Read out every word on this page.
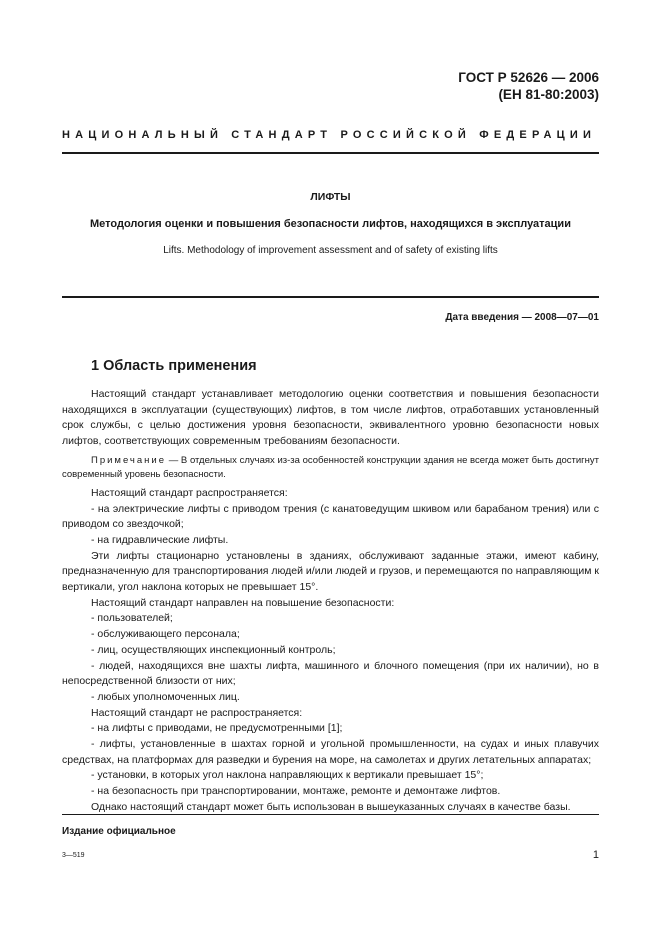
ГОСТ Р 52626 — 2006
(ЕН 81-80:2003)
НАЦИОНАЛЬНЫЙ СТАНДАРТ РОССИЙСКОЙ ФЕДЕРАЦИИ
ЛИФТЫ
Методология оценки и повышения безопасности лифтов, находящихся в эксплуатации
Lifts. Methodology of improvement assessment and of safety of existing lifts
Дата введения — 2008—07—01
1 Область применения

Настоящий стандарт устанавливает методологию оценки соответствия и повышения безопасности находящихся в эксплуатации (существующих) лифтов, в том числе лифтов, отработавших установленный срок службы, с целью достижения уровня безопасности, эквивалентного уровню безопасности новых лифтов, соответствующих современным требованиям безопасности.

Примечание — В отдельных случаях из-за особенностей конструкции здания не всегда может быть достигнут современный уровень безопасности.

Настоящий стандарт распространяется:

- на электрические лифты с приводом трения (с канатоведущим шкивом или барабаном трения) или с приводом со звездочкой;

- на гидравлические лифты.

Эти лифты стационарно установлены в зданиях, обслуживают заданные этажи, имеют кабину, предназначенную для транспортирования людей и/или людей и грузов, и перемещаются по направляющим к вертикали, угол наклона которых не превышает 15°.

Настоящий стандарт направлен на повышение безопасности:

- пользователей;

- обслуживающего персонала;

- лиц, осуществляющих инспекционный контроль;

- людей, находящихся вне шахты лифта, машинного и блочного помещения (при их наличии), но в непосредственной близости от них;

- любых уполномоченных лиц.

Настоящий стандарт не распространяется:

- на лифты с приводами, не предусмотренными [1];

- лифты, установленные в шахтах горной и угольной промышленности, на судах и иных плавучих средствах, на платформах для разведки и бурения на море, на самолетах и других летательных аппаратах;

- установки, в которых угол наклона направляющих к вертикали превышает 15°;

- на безопасность при транспортировании, монтаже, ремонте и демонтаже лифтов.

Однако настоящий стандарт может быть использован в вышеуказанных случаях в качестве базы.

Издание официальное
3—519	1
